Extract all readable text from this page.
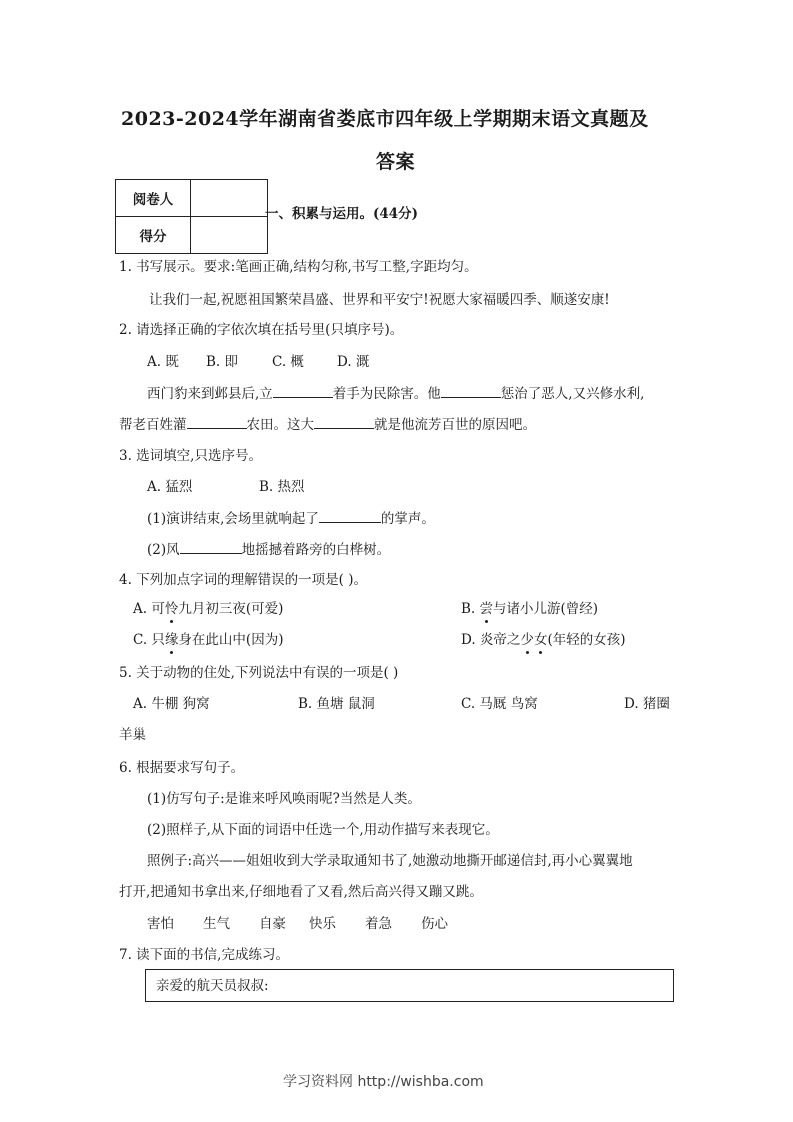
2023-2024学年湖南省娄底市四年级上学期期末语文真题及
答案
阅卷人	
得分	
一、积累与运用。(44分)
1. 书写展示。要求:笔画正确,结构匀称,书写工整,字距均匀。
让我们一起,祝愿祖国繁荣昌盛、世界和平安宁!祝愿大家福暖四季、顺遂安康!
2. 请选择正确的字依次填在括号里(只填序号)。
A. 既 B. 即	C. 概 D. 溉
西门豹来到邺县后,立	着手为民除害。他	惩治了恶人,又兴修水利,
帮老百姓灌	农田。这大	就是他流芳百世的原因吧。
3. 选词填空,只选序号。
A. 猛烈	B. 热烈
(1)演讲结束,会场里就响起了	的掌声。
(2)风	地摇撼着路旁的白桦树。
4. 下列加点字词的理解错误的一项是( )。
A. 可怜九月初三夜(可爱)	B. 尝与诸小儿游(曾经)
C. 只缘身在此山中(因为)	D. 炎帝之少女(年轻的女孩)
5. 关于动物的住处,下列说法中有误的一项是( )
A. 牛棚 狗窝	B. 鱼塘 鼠洞	C. 马厩 鸟窝	D. 猪圈
羊巢
6. 根据要求写句子。
(1)仿写句子:是谁来呼风唤雨呢?当然是人类。
(2)照样子,从下面的词语中任选一个,用动作描写来表现它。
照例子:高兴——姐姐收到大学录取通知书了,她激动地撕开邮递信封,再小心翼翼地
打开,把通知书拿出来,仔细地看了又看,然后高兴得又蹦又跳。
害怕 生气 自豪 快乐 着急 伤心
7. 读下面的书信,完成练习。
亲爱的航天员叔叔:
学习资料网 http://wishba.com
